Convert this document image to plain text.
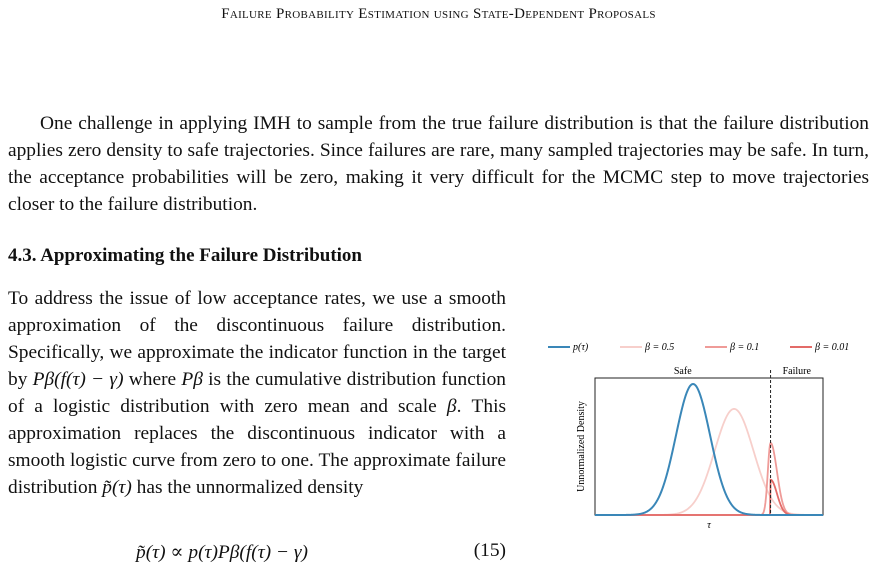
Failure Probability Estimation using State-Dependent Proposals

One challenge in applying IMH to sample from the true failure distribution is that the failure distribution applies zero density to safe trajectories. Since failures are rare, many sampled trajectories may be safe. In turn, the acceptance probabilities will be zero, making it very difficult for the MCMC step to move trajectories closer to the failure distribution.

4.3. Approximating the Failure Distribution

To address the issue of low acceptance rates, we use a smooth approximation of the discontinuous failure distribution. Specifically, we approximate the indicator function in the target by Pβ(f(τ) − γ) where Pβ is the cumulative distribution function of a logistic distribution with zero mean and scale β. This approximation replaces the discontinuous indicator with a smooth logistic curve from zero to one. The approximate failure distribution p̃(τ) has the unnormalized density

p̃(τ) ∝ p(τ)Pβ(f(τ) − γ)	(15)
p(τ)	β = 0.5	β = 0.1	β = 0.01
Safe	Failure
τ
Unnormalized Density
